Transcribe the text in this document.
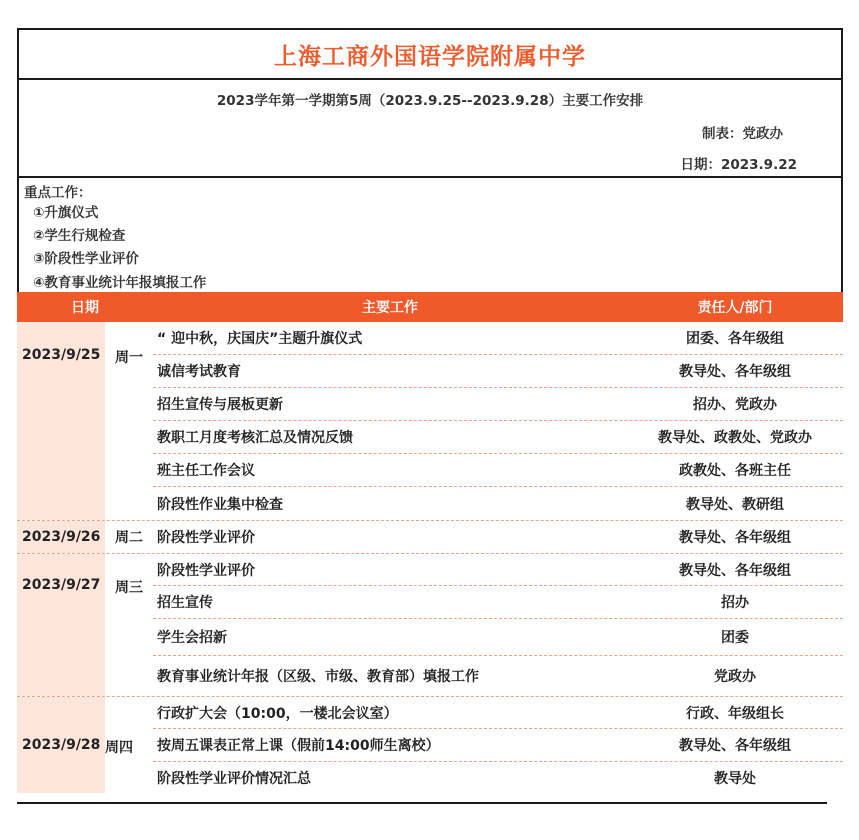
上海工商外国语学院附属中学
2023学年第一学期第5周（2023.9.25--2023.9.28）主要工作安排
制表：党政办
日期：2023.9.22
重点工作：
①升旗仪式
②学生行规检查
③阶段性学业评价
④教育事业统计年报填报工作
日期	主要工作	责任人/部门
2023/9/25	周一
“ 迎中秋，庆国庆”主题升旗仪式	团委、各年级组
诚信考试教育	教导处、各年级组
招生宣传与展板更新	招办、党政办
教职工月度考核汇总及情况反馈	教导处、政教处、党政办
班主任工作会议	政教处、各班主任
阶段性作业集中检查	教导处、教研组
2023/9/26	周二	阶段性学业评价	教导处、各年级组
2023/9/27	周三
阶段性学业评价	教导处、各年级组
招生宣传	招办
学生会招新	团委
教育事业统计年报（区级、市级、教育部）填报工作	党政办
2023/9/28 周四
行政扩大会（10:00，一楼北会议室）	行政、年级组长
按周五课表正常上课（假前14:00师生离校）	教导处、各年级组
阶段性学业评价情况汇总	教导处
